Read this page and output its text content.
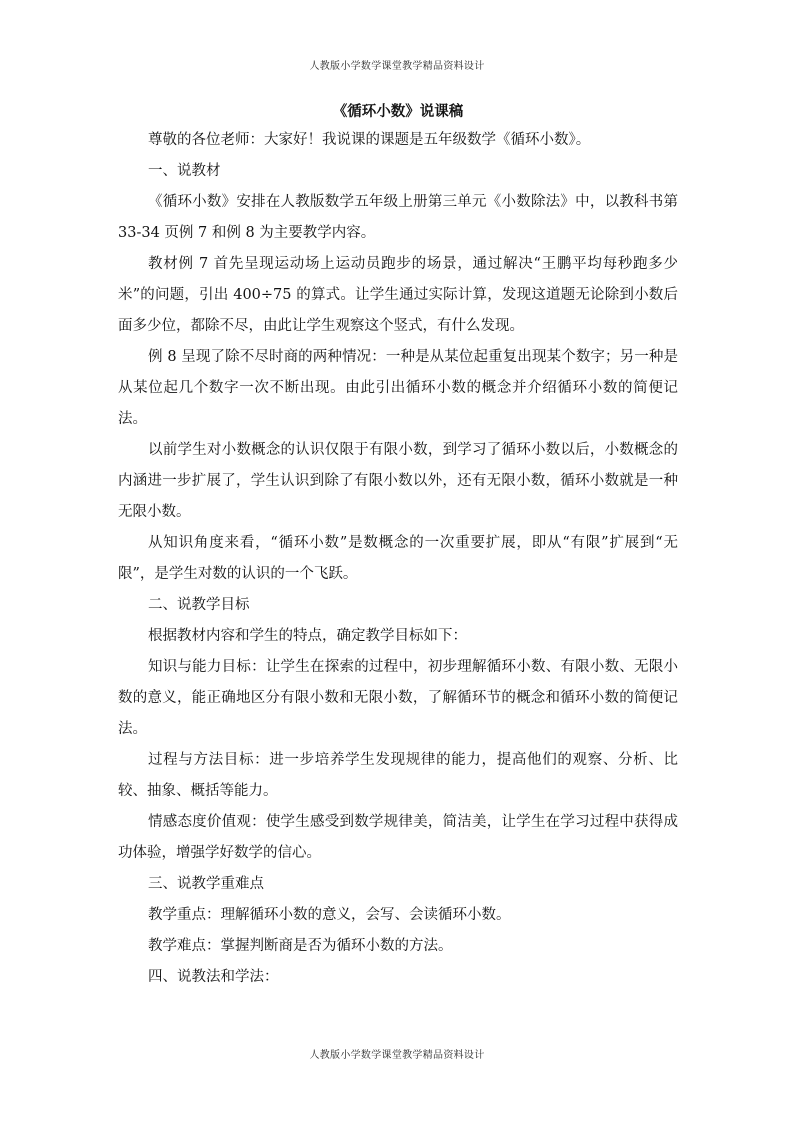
人教版小学数学课堂教学精品资料设计

《循环小数》说课稿

尊敬的各位老师：大家好！我说课的课题是五年级数学《循环小数》。

一、说教材

《循环小数》安排在人教版数学五年级上册第三单元《小数除法》中，以教科书第 33-34 页例 7 和例 8 为主要教学内容。

教材例 7 首先呈现运动场上运动员跑步的场景，通过解决“王鹏平均每秒跑多少米”的问题，引出 400÷75 的算式。让学生通过实际计算，发现这道题无论除到小数后面多少位，都除不尽，由此让学生观察这个竖式，有什么发现。

例 8 呈现了除不尽时商的两种情况：一种是从某位起重复出现某个数字；另一种是从某位起几个数字一次不断出现。由此引出循环小数的概念并介绍循环小数的简便记法。

以前学生对小数概念的认识仅限于有限小数，到学习了循环小数以后，小数概念的内涵进一步扩展了，学生认识到除了有限小数以外，还有无限小数，循环小数就是一种无限小数。

从知识角度来看，“循环小数”是数概念的一次重要扩展，即从“有限”扩展到“无限”，是学生对数的认识的一个飞跃。

二、说教学目标

根据教材内容和学生的特点，确定教学目标如下：

知识与能力目标：让学生在探索的过程中，初步理解循环小数、有限小数、无限小数的意义，能正确地区分有限小数和无限小数，了解循环节的概念和循环小数的简便记法。

过程与方法目标：进一步培养学生发现规律的能力，提高他们的观察、分析、比较、抽象、概括等能力。

情感态度价值观：使学生感受到数学规律美，简洁美，让学生在学习过程中获得成功体验，增强学好数学的信心。

三、说教学重难点

教学重点：理解循环小数的意义，会写、会读循环小数。

教学难点：掌握判断商是否为循环小数的方法。

四、说教法和学法：

人教版小学数学课堂教学精品资料设计
